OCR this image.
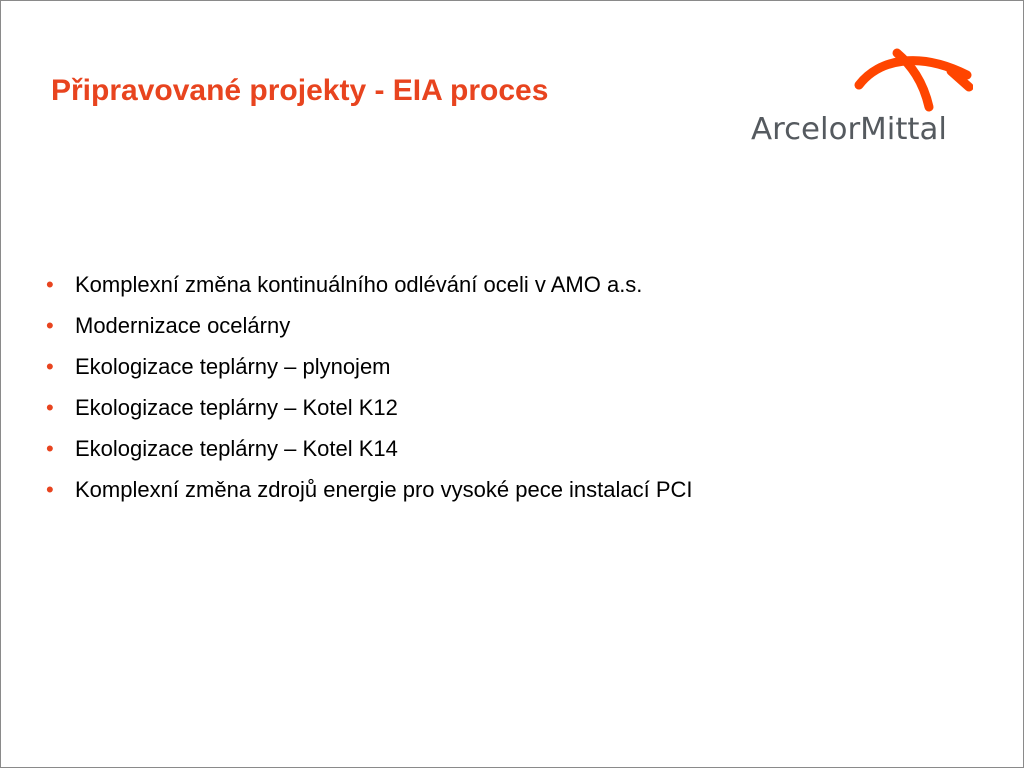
Připravované projekty - EIA proces
ArcelorMittal
• Komplexní změna kontinuálního odlévání oceli v AMO a.s.
• Modernizace ocelárny
• Ekologizace teplárny – plynojem
• Ekologizace teplárny – Kotel K12
• Ekologizace teplárny – Kotel K14
• Komplexní změna zdrojů energie pro vysoké pece instalací PCI
